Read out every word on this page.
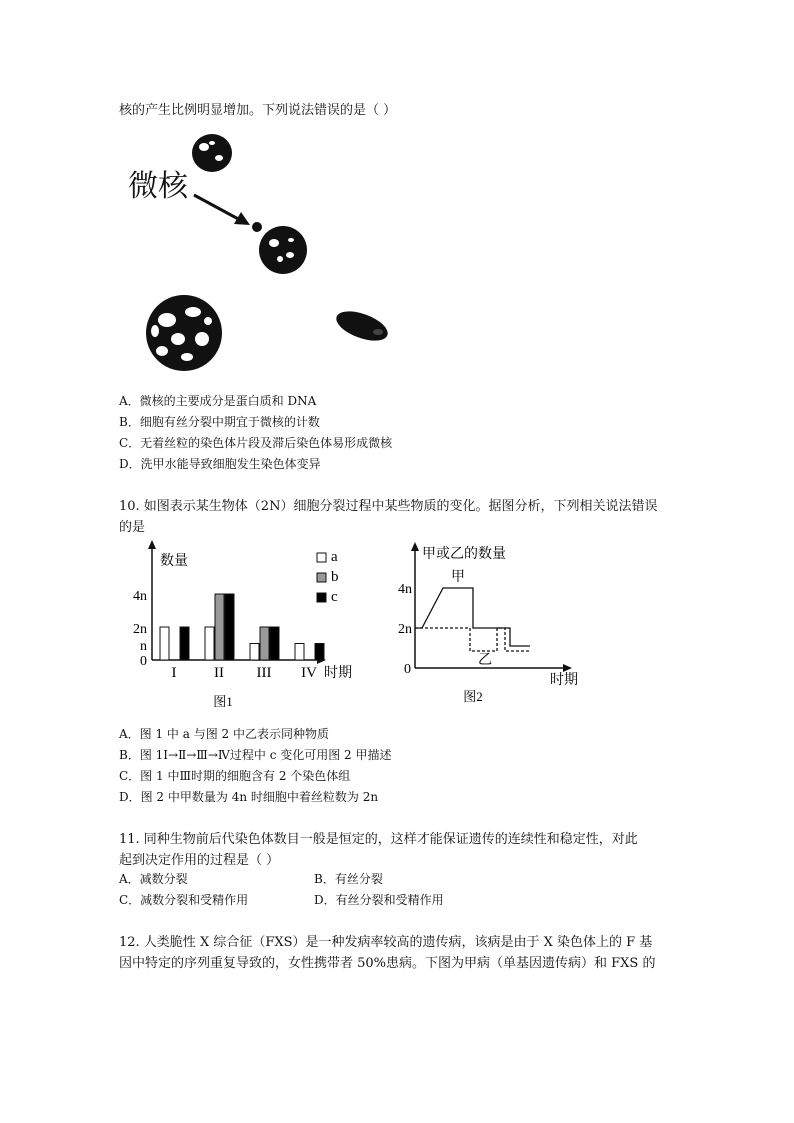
核的产生比例明显增加。下列说法错误的是（ ）
微核
A．微核的主要成分是蛋白质和 DNA
B．细胞有丝分裂中期宜于微核的计数
C．无着丝粒的染色体片段及滞后染色体易形成微核
D．洗甲水能导致细胞发生染色体变异
10. 如图表示某生物体（2N）细胞分裂过程中某些物质的变化。据图分析，下列相关说法错误
的是
数量
时期
0
n
2n
4n
I	II III IV
a
b
c
图1
甲或乙的数量
时期
0
2n
4n
甲
乙
图2
A．图 1 中 a 与图 2 中乙表示同种物质
B．图 1Ⅰ→Ⅱ→Ⅲ→Ⅳ过程中 c 变化可用图 2 甲描述
C．图 1 中Ⅲ时期的细胞含有 2 个染色体组
D．图 2 中甲数量为 4n 时细胞中着丝粒数为 2n
11. 同种生物前后代染色体数目一般是恒定的，这样才能保证遗传的连续性和稳定性，对此
起到决定作用的过程是（ ）
A．减数分裂	B．有丝分裂
C．减数分裂和受精作用	D．有丝分裂和受精作用
12. 人类脆性 X 综合征（FXS）是一种发病率较高的遗传病，该病是由于 X 染色体上的 F 基
因中特定的序列重复导致的，女性携带者 50%患病。下图为甲病（单基因遗传病）和 FXS 的
